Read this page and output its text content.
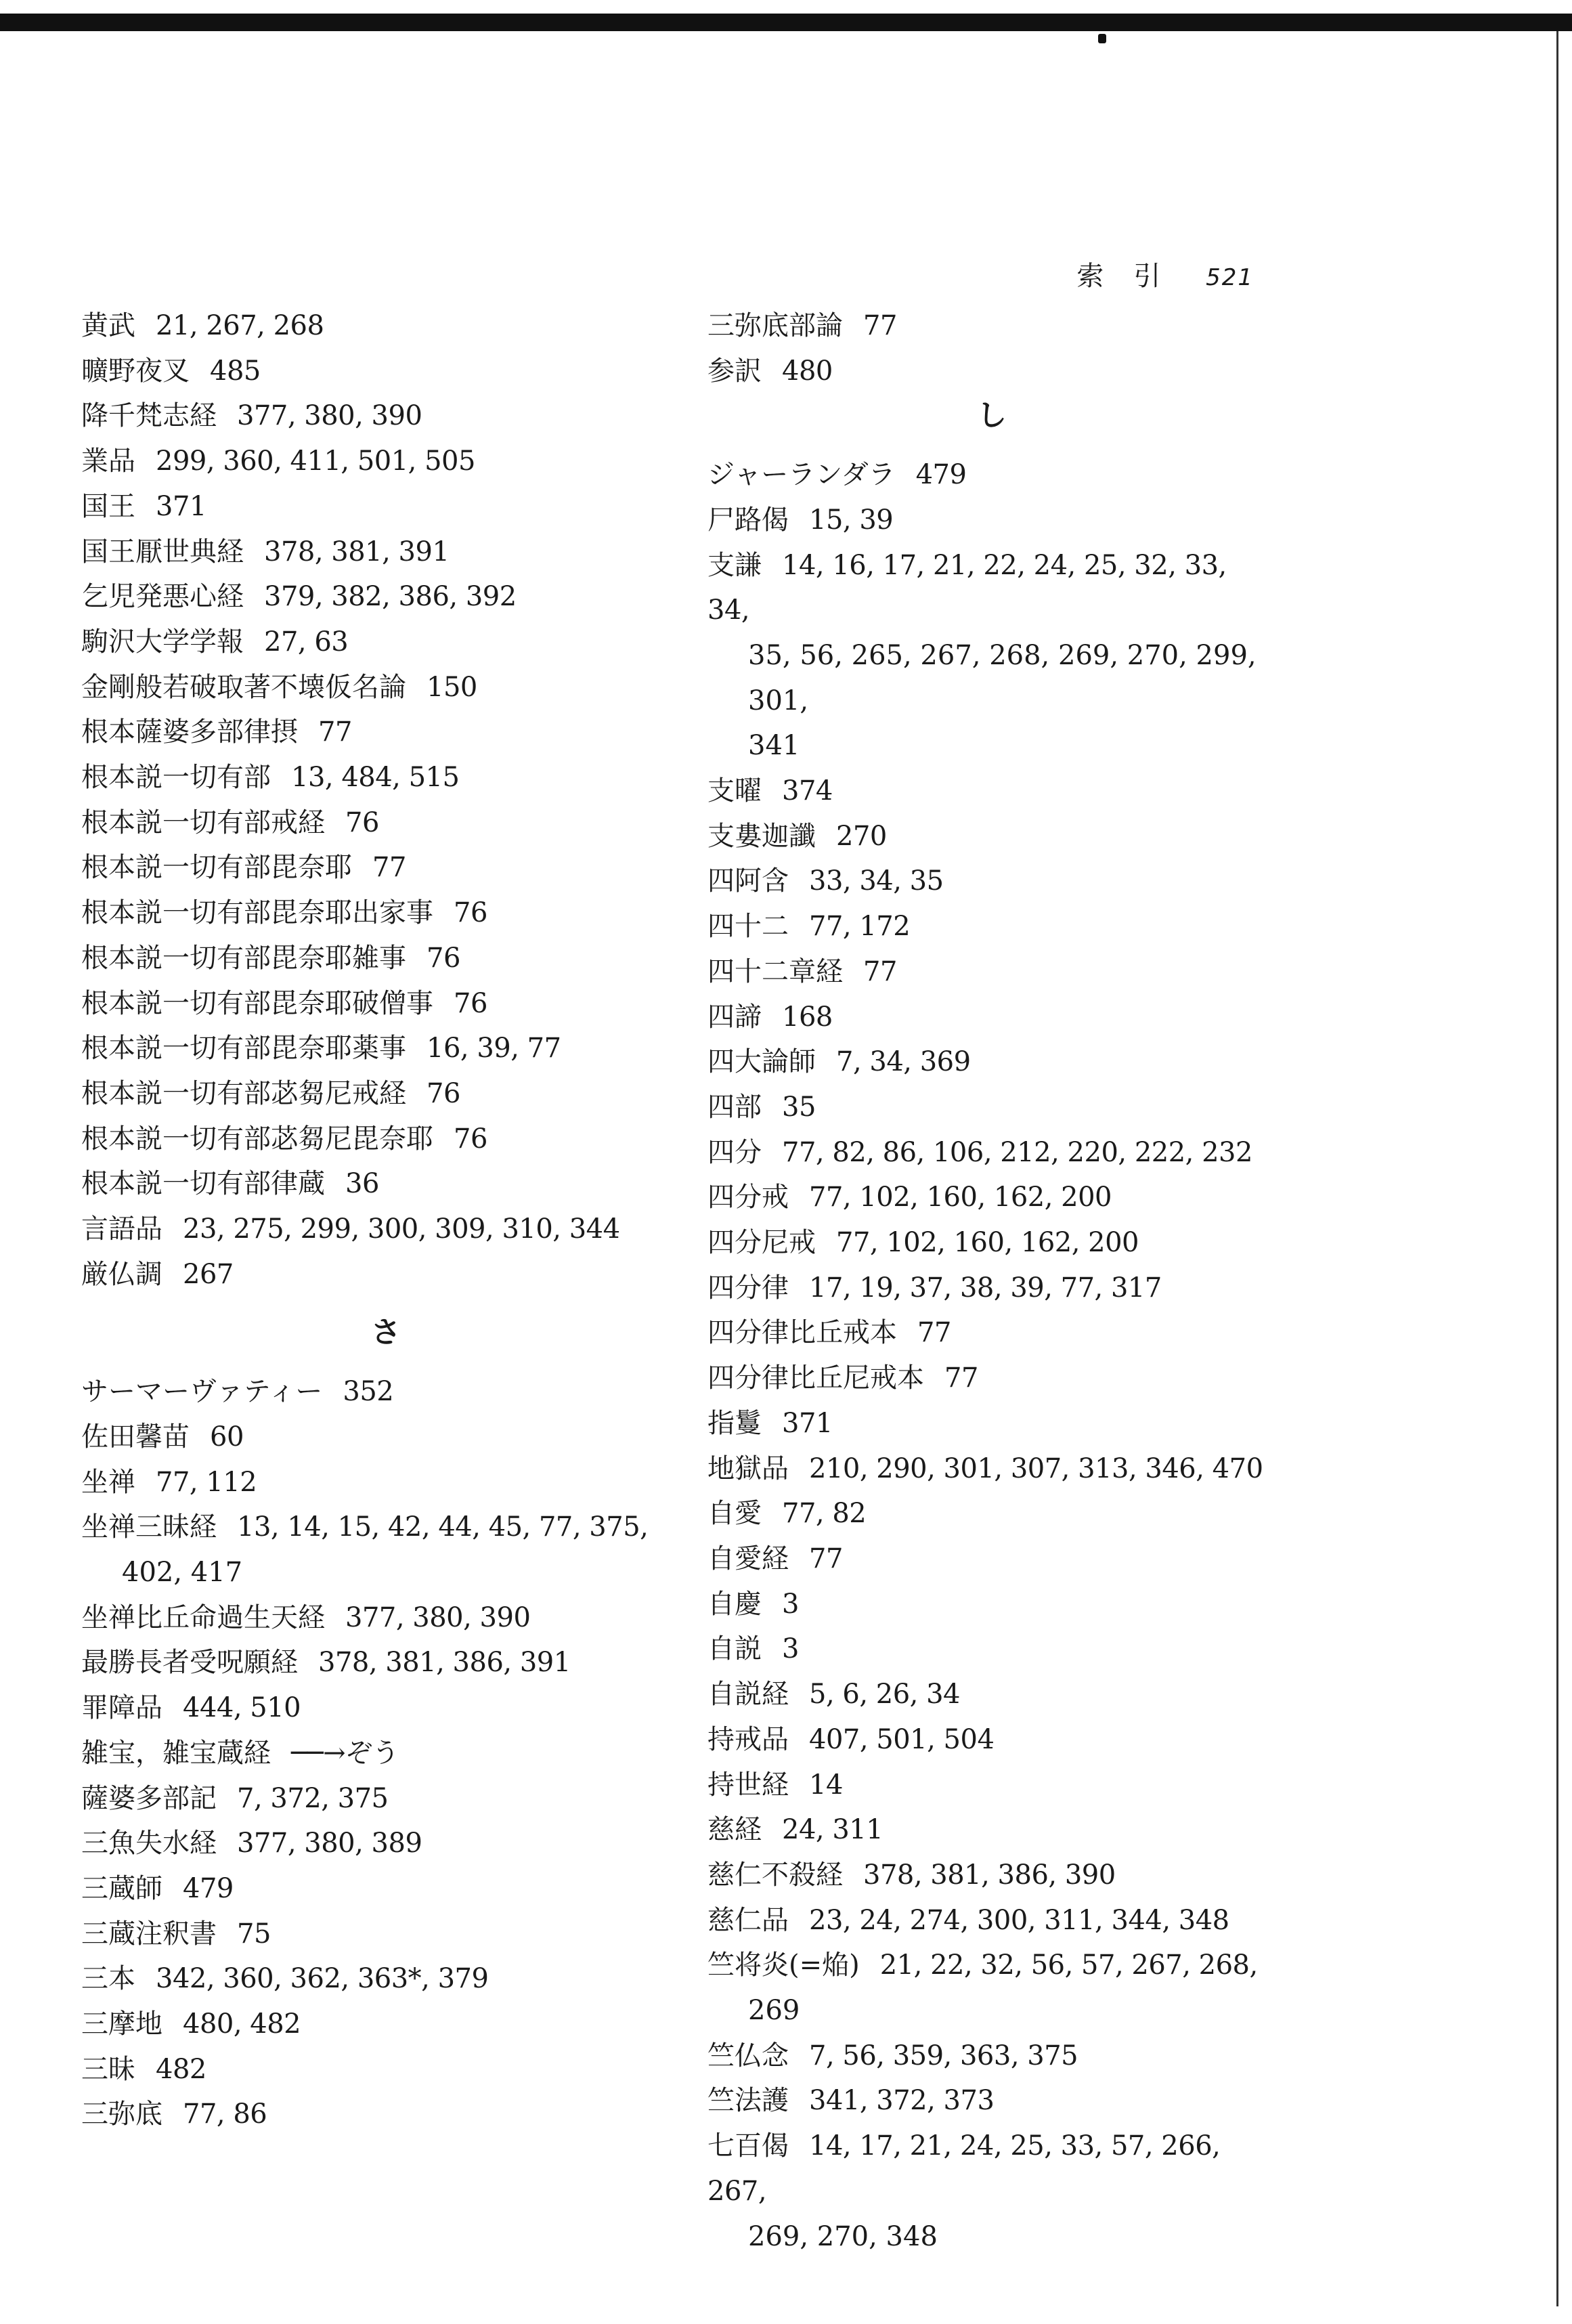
索　引 521
黄武 21, 267, 268
曠野夜叉 485
降千梵志経 377, 380, 390
業品 299, 360, 411, 501, 505
国王 371
国王厭世典経 378, 381, 391
乞児発悪心経 379, 382, 386, 392
駒沢大学学報 27, 63
金剛般若破取著不壊仮名論 150
根本薩婆多部律摂 77
根本説一切有部 13, 484, 515
根本説一切有部戒経 76
根本説一切有部毘奈耶 77
根本説一切有部毘奈耶出家事 76
根本説一切有部毘奈耶雑事 76
根本説一切有部毘奈耶破僧事 76
根本説一切有部毘奈耶薬事 16, 39, 77
根本説一切有部苾芻尼戒経 76
根本説一切有部苾芻尼毘奈耶 76
根本説一切有部律蔵 36
言語品 23, 275, 299, 300, 309, 310, 344
厳仏調 267
さ
サーマーヴァティー 352
佐田馨苗 60
坐禅 77, 112
坐禅三昧経 13, 14, 15, 42, 44, 45, 77, 375,
402, 417
坐禅比丘命過生天経 377, 380, 390
最勝長者受呪願経 378, 381, 386, 391
罪障品 444, 510
雑宝，雑宝蔵経 ──→ぞう
薩婆多部記 7, 372, 375
三魚失水経 377, 380, 389
三蔵師 479
三蔵注釈書 75
三本 342, 360, 362, 363*, 379
三摩地 480, 482
三昧 482
三弥底 77, 86
三弥底部論 77
参訳 480
し
ジャーランダラ 479
尸路偈 15, 39
支謙 14, 16, 17, 21, 22, 24, 25, 32, 33, 34,
35, 56, 265, 267, 268, 269, 270, 299, 301,
341
支曜 374
支婁迦讖 270
四阿含 33, 34, 35
四十二 77, 172
四十二章経 77
四諦 168
四大論師 7, 34, 369
四部 35
四分 77, 82, 86, 106, 212, 220, 222, 232
四分戒 77, 102, 160, 162, 200
四分尼戒 77, 102, 160, 162, 200
四分律 17, 19, 37, 38, 39, 77, 317
四分律比丘戒本 77
四分律比丘尼戒本 77
指鬘 371
地獄品 210, 290, 301, 307, 313, 346, 470
自愛 77, 82
自愛経 77
自慶 3
自説 3
自説経 5, 6, 26, 34
持戒品 407, 501, 504
持世経 14
慈経 24, 311
慈仁不殺経 378, 381, 386, 390
慈仁品 23, 24, 274, 300, 311, 344, 348
竺将炎(=焔) 21, 22, 32, 56, 57, 267, 268,
269
竺仏念 7, 56, 359, 363, 375
竺法護 341, 372, 373
七百偈 14, 17, 21, 24, 25, 33, 57, 266, 267,
269, 270, 348
